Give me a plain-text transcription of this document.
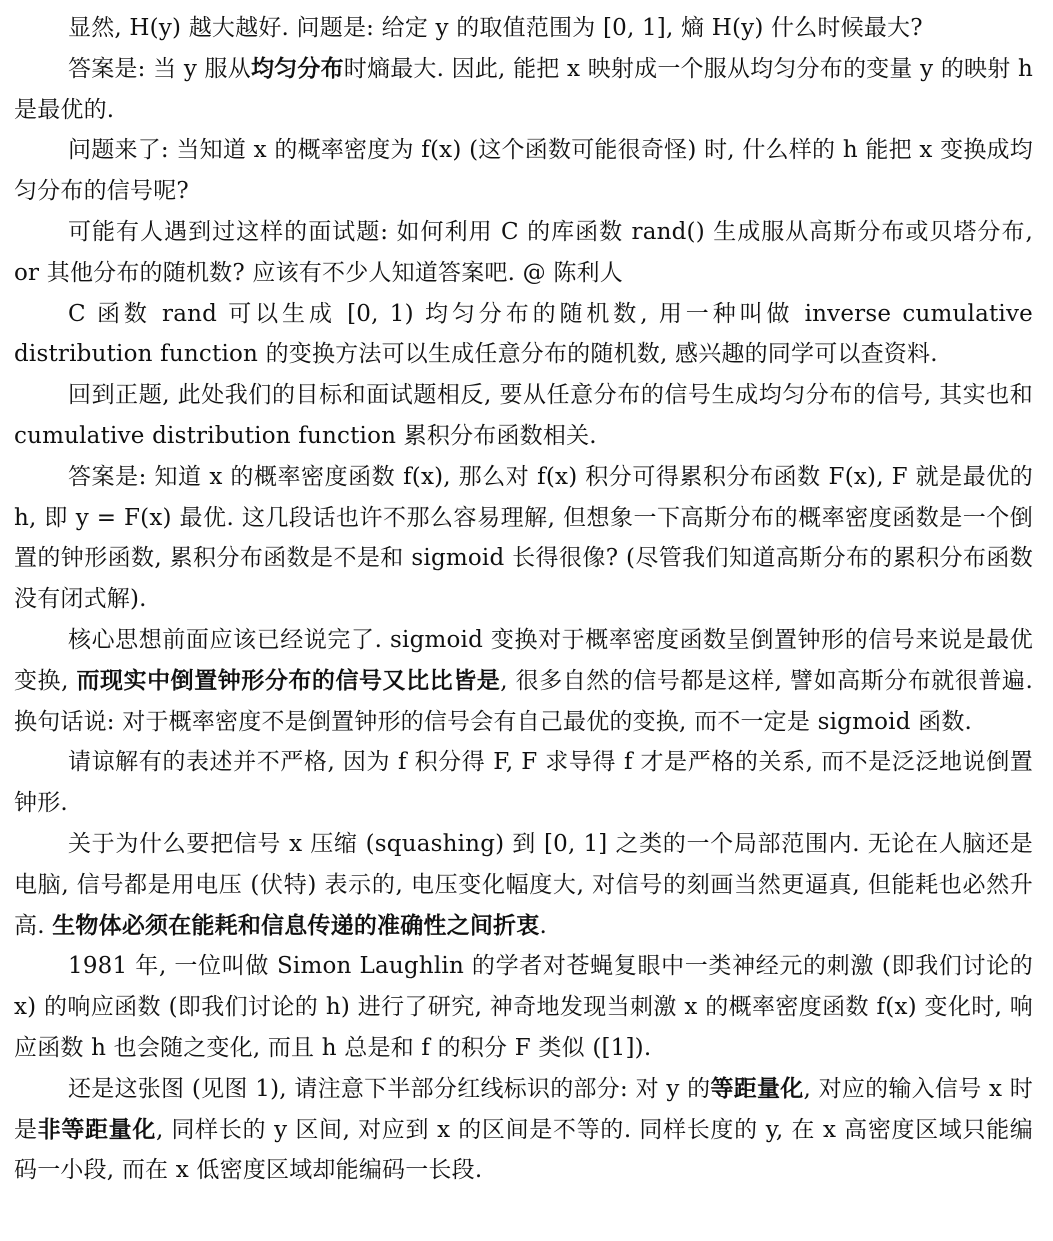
显然, H(y) 越大越好. 问题是: 给定 y 的取值范围为 [0, 1], 熵 H(y) 什么时候最大?

答案是: 当 y 服从均匀分布时熵最大. 因此, 能把 x 映射成一个服从均匀分布的变量 y 的映射 h 是最优的.

问题来了: 当知道 x 的概率密度为 f(x) (这个函数可能很奇怪) 时, 什么样的 h 能把 x 变换成均匀分布的信号呢?

可能有人遇到过这样的面试题: 如何利用 C 的库函数 rand() 生成服从高斯分布或贝塔分布, or 其他分布的随机数? 应该有不少人知道答案吧. @ 陈利人

C 函数 rand 可以生成 [0, 1) 均匀分布的随机数, 用一种叫做 inverse cumulative distribution function 的变换方法可以生成任意分布的随机数, 感兴趣的同学可以查资料.

回到正题, 此处我们的目标和面试题相反, 要从任意分布的信号生成均匀分布的信号, 其实也和 cumulative distribution function 累积分布函数相关.

答案是: 知道 x 的概率密度函数 f(x), 那么对 f(x) 积分可得累积分布函数 F(x), F 就是最优的 h, 即 y = F(x) 最优. 这几段话也许不那么容易理解, 但想象一下高斯分布的概率密度函数是一个倒置的钟形函数, 累积分布函数是不是和 sigmoid 长得很像? (尽管我们知道高斯分布的累积分布函数没有闭式解).

核心思想前面应该已经说完了. sigmoid 变换对于概率密度函数呈倒置钟形的信号来说是最优变换, 而现实中倒置钟形分布的信号又比比皆是, 很多自然的信号都是这样, 譬如高斯分布就很普遍. 换句话说: 对于概率密度不是倒置钟形的信号会有自己最优的变换, 而不一定是 sigmoid 函数.

请谅解有的表述并不严格, 因为 f 积分得 F, F 求导得 f 才是严格的关系, 而不是泛泛地说倒置钟形.

关于为什么要把信号 x 压缩 (squashing) 到 [0, 1] 之类的一个局部范围内. 无论在人脑还是电脑, 信号都是用电压 (伏特) 表示的, 电压变化幅度大, 对信号的刻画当然更逼真, 但能耗也必然升高. 生物体必须在能耗和信息传递的准确性之间折衷.

1981 年, 一位叫做 Simon Laughlin 的学者对苍蝇复眼中一类神经元的刺激 (即我们讨论的 x) 的响应函数 (即我们讨论的 h) 进行了研究, 神奇地发现当刺激 x 的概率密度函数 f(x) 变化时, 响应函数 h 也会随之变化, 而且 h 总是和 f 的积分 F 类似 ([1]).

还是这张图 (见图 1), 请注意下半部分红线标识的部分: 对 y 的等距量化, 对应的输入信号 x 时是非等距量化, 同样长的 y 区间, 对应到 x 的区间是不等的. 同样长度的 y, 在 x 高密度区域只能编码一小段, 而在 x 低密度区域却能编码一长段.
